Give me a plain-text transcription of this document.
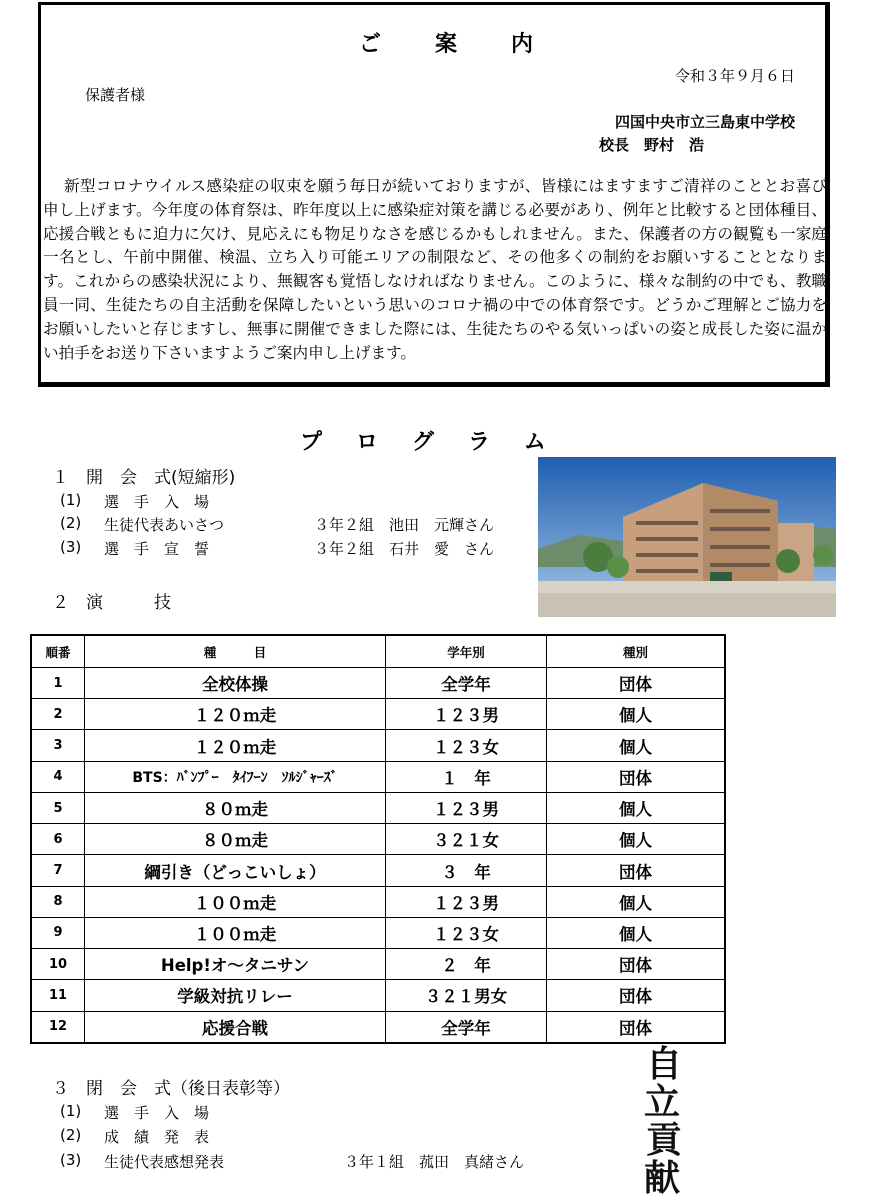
ご案内
令和３年９月６日
保護者様
四国中央市立三島東中学校
校長　野村　浩
新型コロナウイルス感染症の収束を願う毎日が続いておりますが、皆様にはますますご清祥のこととお喜び申し上げます。今年度の体育祭は、昨年度以上に感染症対策を講じる必要があり、例年と比較すると団体種目、応援合戦ともに迫力に欠け、見応えにも物足りなさを感じるかもしれません。また、保護者の方の観覧も一家庭一名とし、午前中開催、検温、立ち入り可能エリアの制限など、その他多くの制約をお願いすることとなります。これからの感染状況により、無観客も覚悟しなければなりません。このように、様々な制約の中でも、教職員一同、生徒たちの自主活動を保障したいという思いのコロナ禍の中での体育祭です。どうかご理解とご協力をお願いしたいと存じますし、無事に開催できました際には、生徒たちのやる気いっぱいの姿と成長した姿に温かい拍手をお送り下さいますようご案内申し上げます。
プログラム
１　開　会　式(短縮形)
(1) 選　手　入　場
(2) 生徒代表あいさつ	３年２組　池田　元輝さん
(3) 選　手　宣　誓	３年２組　石井　愛　さん
２　演　　　技
順番	種　　　目	学年別	種別
1	全校体操	全学年	団体
2	１２０ｍ走	１２３男	個人
3	１２０ｍ走	１２３女	個人
4	BTS：ﾊﾞﾝﾌﾟｰ　ﾀｲﾌｰﾝ　ｿﾙｼﾞｬｰｽﾞ	１　年	団体
5	８０ｍ走	１２３男	個人
6	８０ｍ走	３２１女	個人
7	綱引き（どっこいしょ）	３　年	団体
8	１００ｍ走	１２３男	個人
9	１００ｍ走	１２３女	個人
10	Help!オ～タニサン	２　年	団体
11	学級対抗リレー	３２１男女	団体
12	応援合戦	全学年	団体
３　閉　会　式（後日表彰等）
(1) 選　手　入　場
(2) 成　績　発　表
(3) 生徒代表感想発表	３年１組　菰田　真緒さん
自
立
貢
献
